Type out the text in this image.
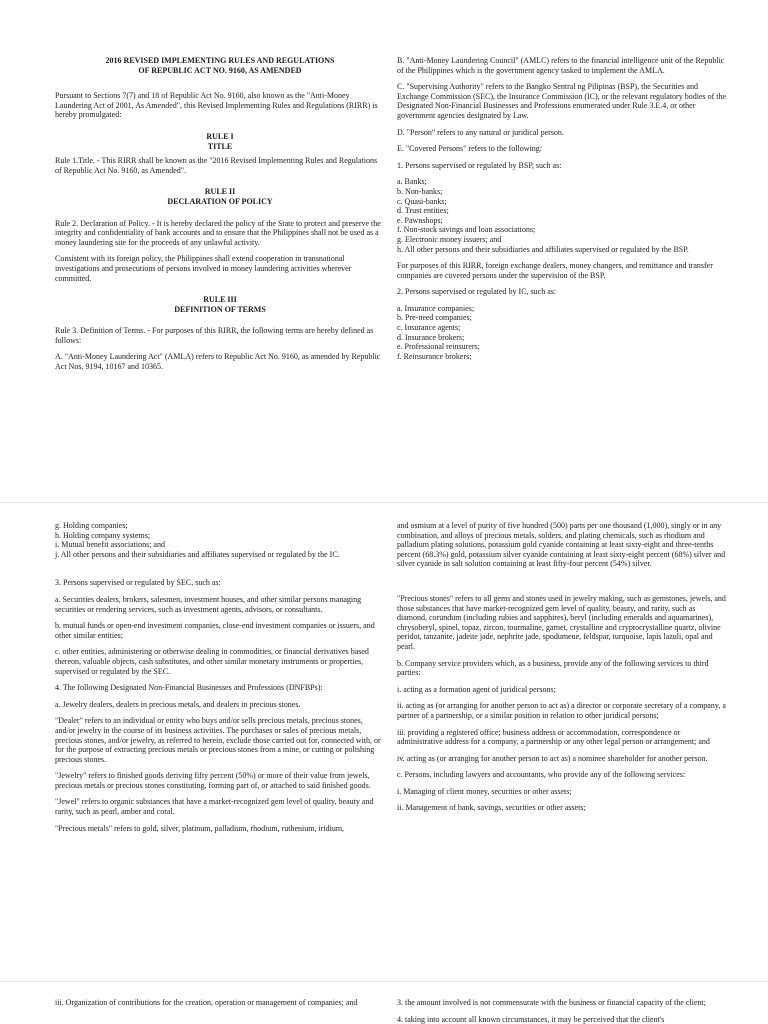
2016 REVISED IMPLEMENTING RULES AND REGULATIONS

OF REPUBLIC ACT NO. 9160, AS AMENDED

Pursuant to Sections 7(7) and 18 of Republic Act No. 9160, also known as the "Anti-Money Laundering Act of 2001, As Amended", this Revised Implementing Rules and Regulations (RIRR) is hereby promulgated:

RULE I

TITLE

Rule 1.Title. - This RIRR shall be known as the "2016 Revised Implementing Rules and Regulations of Republic Act No. 9160, as Amended".

RULE II

DECLARATION OF POLICY

Rule 2. Declaration of Policy. - It is hereby declared the policy of the State to protect and preserve the integrity and confidentiality of bank accounts and to ensure that the Philippines shall not be used as a money laundering site for the proceeds of any unlawful activity.

Consistent with its foreign policy, the Philippines shall extend cooperation in transnational investigations and prosecutions of persons involved in money laundering activities wherever committed.

RULE III

DEFINITION OF TERMS

Rule 3. Definition of Terms. - For purposes of this RIRR, the following terms are hereby defined as follows:

A. "Anti-Money Laundering Act" (AMLA) refers to Republic Act No. 9160, as amended by Republic Act Nos. 9194, 10167 and 10365.

B. "Anti-Money Laundering Council" (AMLC) refers to the financial intelligence unit of the Republic of the Philippines which is the government agency tasked to implement the AMLA.

C. "Supervising Authority" refers to the Bangko Sentral ng Pilipinas (BSP), the Securities and Exchange Commission (SEC), the Insurance Commission (IC), or the relevant regulatory bodies of the Designated Non-Financial Businesses and Professions enumerated under Rule 3.E.4, or other government agencies designated by Law.

D. "Person" refers to any natural or juridical person.

E. "Covered Persons" refers to the following:

1. Persons supervised or regulated by BSP, such as:

a. Banks;
b. Non-banks;
c. Quasi-banks;
d. Trust entities;
e. Pawnshops;
f. Non-stock savings and loan associations;
g. Electronic money issuers; and
h. All other persons and their subsidiaries and affiliates supervised or regulated by the BSP.

For purposes of this RIRR, foreign exchange dealers, money changers, and remittance and transfer companies are covered persons under the supervision of the BSP.

2. Persons supervised or regulated by IC, such as:

a. Insurance companies;
b. Pre-need companies;
c. Insurance agents;
d. Insurance brokers;
e. Professional reinsurers;
f. Reinsurance brokers;
g. Holding companies;
h. Holding company systems;
i. Mutual benefit associations; and
j. All other persons and their subsidiaries and affiliates supervised or regulated by the IC.

3. Persons supervised or regulated by SEC, such as:

a. Securities dealers, brokers, salesmen, investment houses, and other similar persons managing securities or rendering services, such as investment agents, advisors, or consultants.

b. mutual funds or open-end investment companies, close-end investment companies or issuers, and other similar entities;

c. other entities, administering or otherwise dealing in commodities, or financial derivatives based thereon, valuable objects, cash substitutes, and other similar monetary instruments or properties, supervised or regulated by the SEC.

4. The following Designated Non-Financial Businesses and Professions (DNFBPs):

a. Jewelry dealers, dealers in precious metals, and dealers in precious stones.

"Dealer" refers to an individual or entity who buys and/or sells precious metals, precious stones, and/or jewelry in the course of its business activities. The purchases or sales of precious metals, precious stones, and/or jewelry, as referred to herein, exclude those carried out for, connected with, or for the purpose of extracting precious metals or precious stones from a mine, or cutting or polishing precious stones.

"Jewelry" refers to finished goods deriving fifty percent (50%) or more of their value from jewels, precious metals or precious stones constituting, forming part of, or attached to said finished goods.

"Jewel" refers to organic substances that have a market-recognized gem level of quality, beauty and rarity, such as pearl, amber and coral.

"Precious metals" refers to gold, silver, platinum, palladium, rhodium, ruthenium, iridium,

and osmium at a level of purity of five hundred (500) parts per one thousand (1,000), singly or in any combination, and alloys of precious metals, solders, and plating chemicals, such as rhodium and palladium plating solutions, potassium gold cyanide containing at least sixty-eight and three-tenths percent (68.3%) gold, potassium silver cyanide containing at least sixty-eight percent (68%) silver and silver cyanide in salt solution containing at least fifty-four percent (54%) silver.

"Precious stones" refers to all gems and stones used in jewelry making, such as gemstones, jewels, and those substances that have market-recognized gem level of quality, beauty, and rarity, such as diamond, corundum (including rubies and sapphires), beryl (including emeralds and aquamarines), chrysoberyl, spinel, topaz, zircon, tourmaline, garnet, crystalline and cryptocrystalline quartz, olivine peridot, tanzanite, jadeite jade, nephrite jade, spodumene, feldspar, turquoise, lapis lazuli, opal and pearl.

b. Company service providers which, as a business, provide any of the following services to third parties:

i. acting as a formation agent of juridical persons;

ii. acting as (or arranging for another person to act as) a director or corporate secretary of a company, a partner of a partnership, or a similar position in relation to other juridical persons;

iii. providing a registered office; business address or accommodation, correspondence or administrative address for a company, a partnership or any other legal person or arrangement; and

iv. acting as (or arranging for another person to act as) a nominee shareholder for another person.

c. Persons, including lawyers and accountants, who provide any of the following services:

i. Managing of client money, securities or other assets;

ii. Management of bank, savings, securities or other assets;

iii. Organization of contributions for the creation, operation or management of companies; and	3. the amount involved is not commensurate with the business or financial capacity of the client;

4. taking into account all known circumstances, it may be perceived that the client's
